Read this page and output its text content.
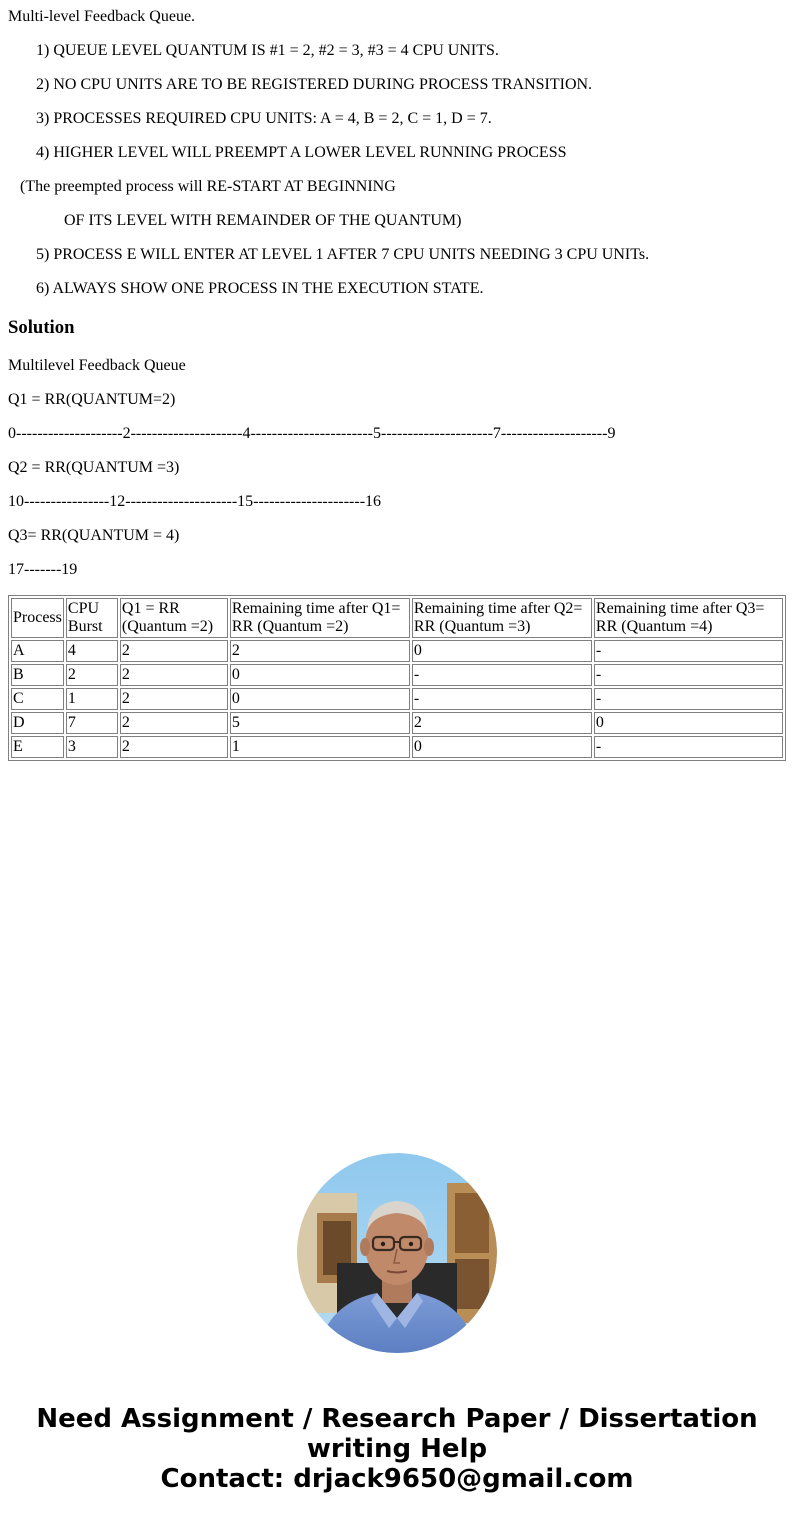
Multi-level Feedback Queue.
1) QUEUE LEVEL QUANTUM IS #1 = 2, #2 = 3, #3 = 4 CPU UNITS.
2) NO CPU UNITS ARE TO BE REGISTERED DURING PROCESS TRANSITION.
3) PROCESSES REQUIRED CPU UNITS: A = 4, B = 2, C = 1, D = 7.
4) HIGHER LEVEL WILL PREEMPT A LOWER LEVEL RUNNING PROCESS
(The preempted process will RE-START AT BEGINNING
OF ITS LEVEL WITH REMAINDER OF THE QUANTUM)
5) PROCESS E WILL ENTER AT LEVEL 1 AFTER 7 CPU UNITS NEEDING 3 CPU UNITs.
6) ALWAYS SHOW ONE PROCESS IN THE EXECUTION STATE.
Solution
Multilevel Feedback Queue
Q1 = RR(QUANTUM=2)
0--------------------2---------------------4-----------------------5---------------------7--------------------9
Q2 = RR(QUANTUM =3)
10----------------12---------------------15---------------------16
Q3= RR(QUANTUM = 4)
17-------19
Process	CPU Burst	Q1 = RR (Quantum =2)	Remaining time after Q1= RR (Quantum =2)	Remaining time after Q2= RR (Quantum =3)	Remaining time after Q3= RR (Quantum =4)
A	4	2	2	0	-
B	2	2	0	-	-
C	1	2	0	-	-
D	7	2	5	2	0
E	3	2	1	0	-
Need Assignment / Research Paper / Dissertation
writing Help
Contact: drjack9650@gmail.com
